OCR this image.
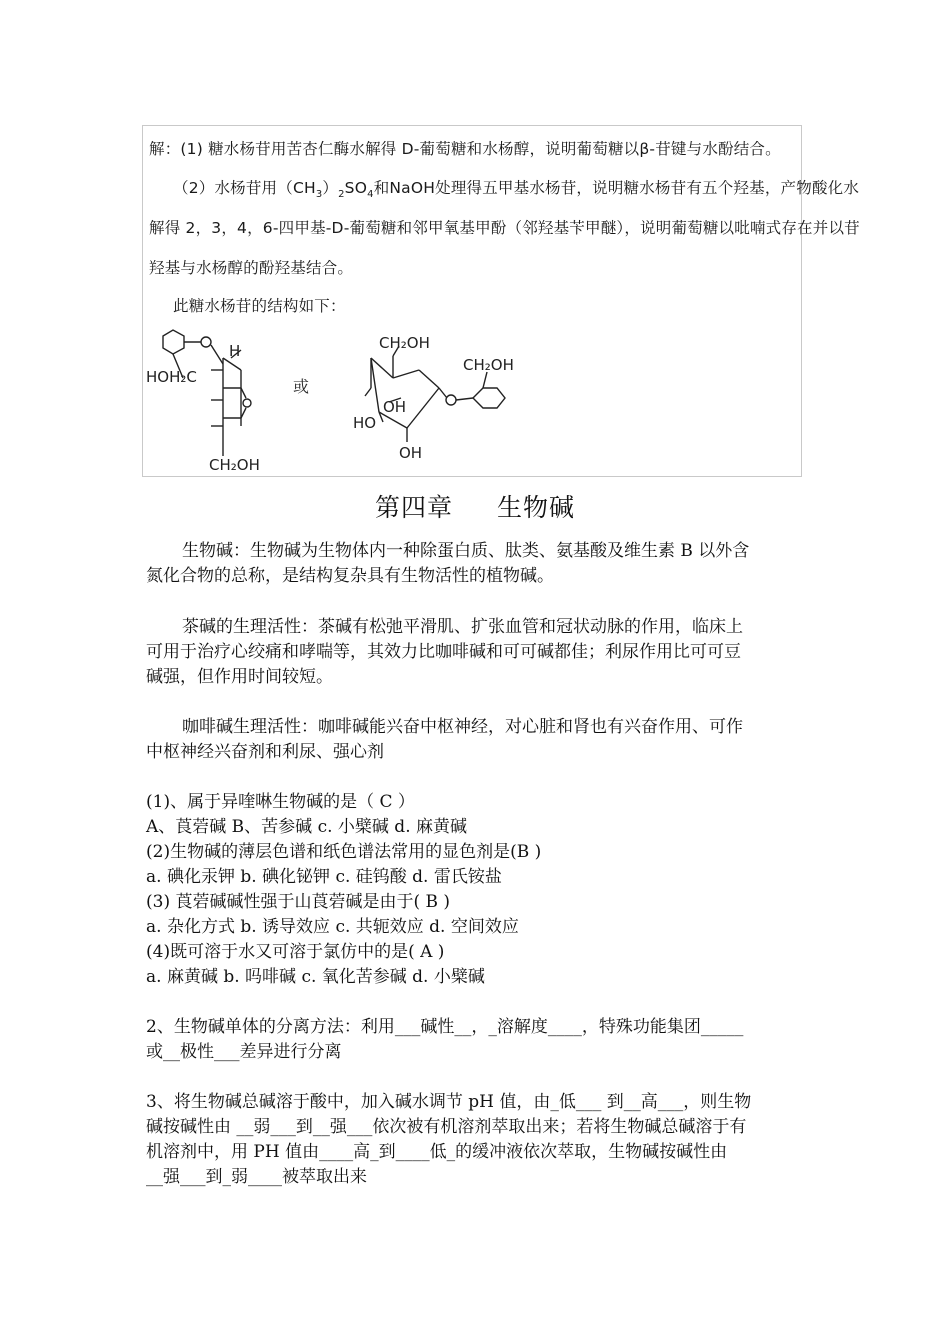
解：(1) 糖水杨苷用苦杏仁酶水解得 D-葡萄糖和水杨醇，说明葡萄糖以β-苷键与水酚结合。
（2）水杨苷用$(CH_3)_2SO_4$和NaOH处理得五甲基水杨苷，说明糖水杨苷有五个羟基，产物酸化水
解得 2，3，4，6-四甲基-D-葡萄糖和邻甲氧基甲酚（邻羟基苄甲醚），说明葡萄糖以吡喃式存在并以苷
羟基与水杨醇的酚羟基结合。
此糖水杨苷的结构如下：
H
HOH₂C
CH₂OH
或
CH₂OH
CH₂OH
OH
HO
OH
第四章 生物碱
生物碱：生物碱为生物体内一种除蛋白质、肽类、氨基酸及维生素 B 以外含
氮化合物的总称，是结构复杂具有生物活性的植物碱。
茶碱的生理活性：茶碱有松弛平滑肌、扩张血管和冠状动脉的作用，临床上
可用于治疗心绞痛和哮喘等，其效力比咖啡碱和可可碱都佳；利尿作用比可可豆
碱强，但作用时间较短。
咖啡碱生理活性：咖啡碱能兴奋中枢神经，对心脏和肾也有兴奋作用、可作
中枢神经兴奋剂和利尿、强心剂
(1)、属于异喹啉生物碱的是（ C ）
A、莨菪碱 B、苦参碱 c. 小檗碱 d. 麻黄碱
(2)生物碱的薄层色谱和纸色谱法常用的显色剂是(B )
a. 碘化汞钾 b. 碘化铋钾 c. 硅钨酸 d. 雷氏铵盐
(3) 莨菪碱碱性强于山莨菪碱是由于( B )
a. 杂化方式 b. 诱导效应 c. 共轭效应 d. 空间效应
(4)既可溶于水又可溶于氯仿中的是( A )
a. 麻黄碱 b. 吗啡碱 c. 氧化苦参碱 d. 小檗碱
2、生物碱单体的分离方法：利用___碱性__，_溶解度____，特殊功能集团_____
或__极性___差异进行分离
3、将生物碱总碱溶于酸中，加入碱水调节 pH 值，由_低___ 到__高___，则生物
碱按碱性由 __弱___到__强___依次被有机溶剂萃取出来；若将生物碱总碱溶于有
机溶剂中，用 PH 值由____高_到____低_的缓冲液依次萃取，生物碱按碱性由
__强___到_弱____被萃取出来
